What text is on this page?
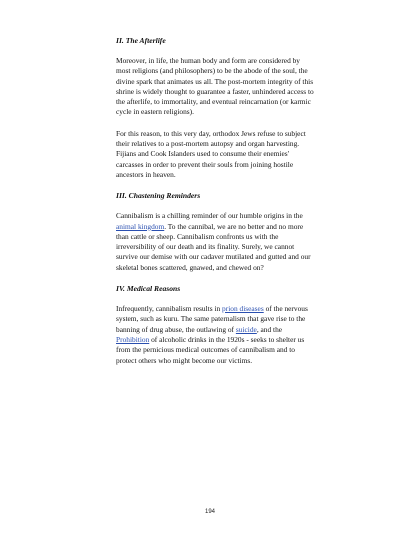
II. The Afterlife

Moreover, in life, the human body and form are considered by most religions (and philosophers) to be the abode of the soul, the divine spark that animates us all. The post-mortem integrity of this shrine is widely thought to guarantee a faster, unhindered access to the afterlife, to immortality, and eventual reincarnation (or karmic cycle in eastern religions).

For this reason, to this very day, orthodox Jews refuse to subject their relatives to a post-mortem autopsy and organ harvesting. Fijians and Cook Islanders used to consume their enemies' carcasses in order to prevent their souls from joining hostile ancestors in heaven.

III. Chastening Reminders

Cannibalism is a chilling reminder of our humble origins in the animal kingdom. To the cannibal, we are no better and no more than cattle or sheep. Cannibalism confronts us with the irreversibility of our death and its finality. Surely, we cannot survive our demise with our cadaver mutilated and gutted and our skeletal bones scattered, gnawed, and chewed on?

IV. Medical Reasons

Infrequently, cannibalism results in prion diseases of the nervous system, such as kuru. The same paternalism that gave rise to the banning of drug abuse, the outlawing of suicide, and the Prohibition of alcoholic drinks in the 1920s - seeks to shelter us from the pernicious medical outcomes of cannibalism and to protect others who might become our victims.

194
